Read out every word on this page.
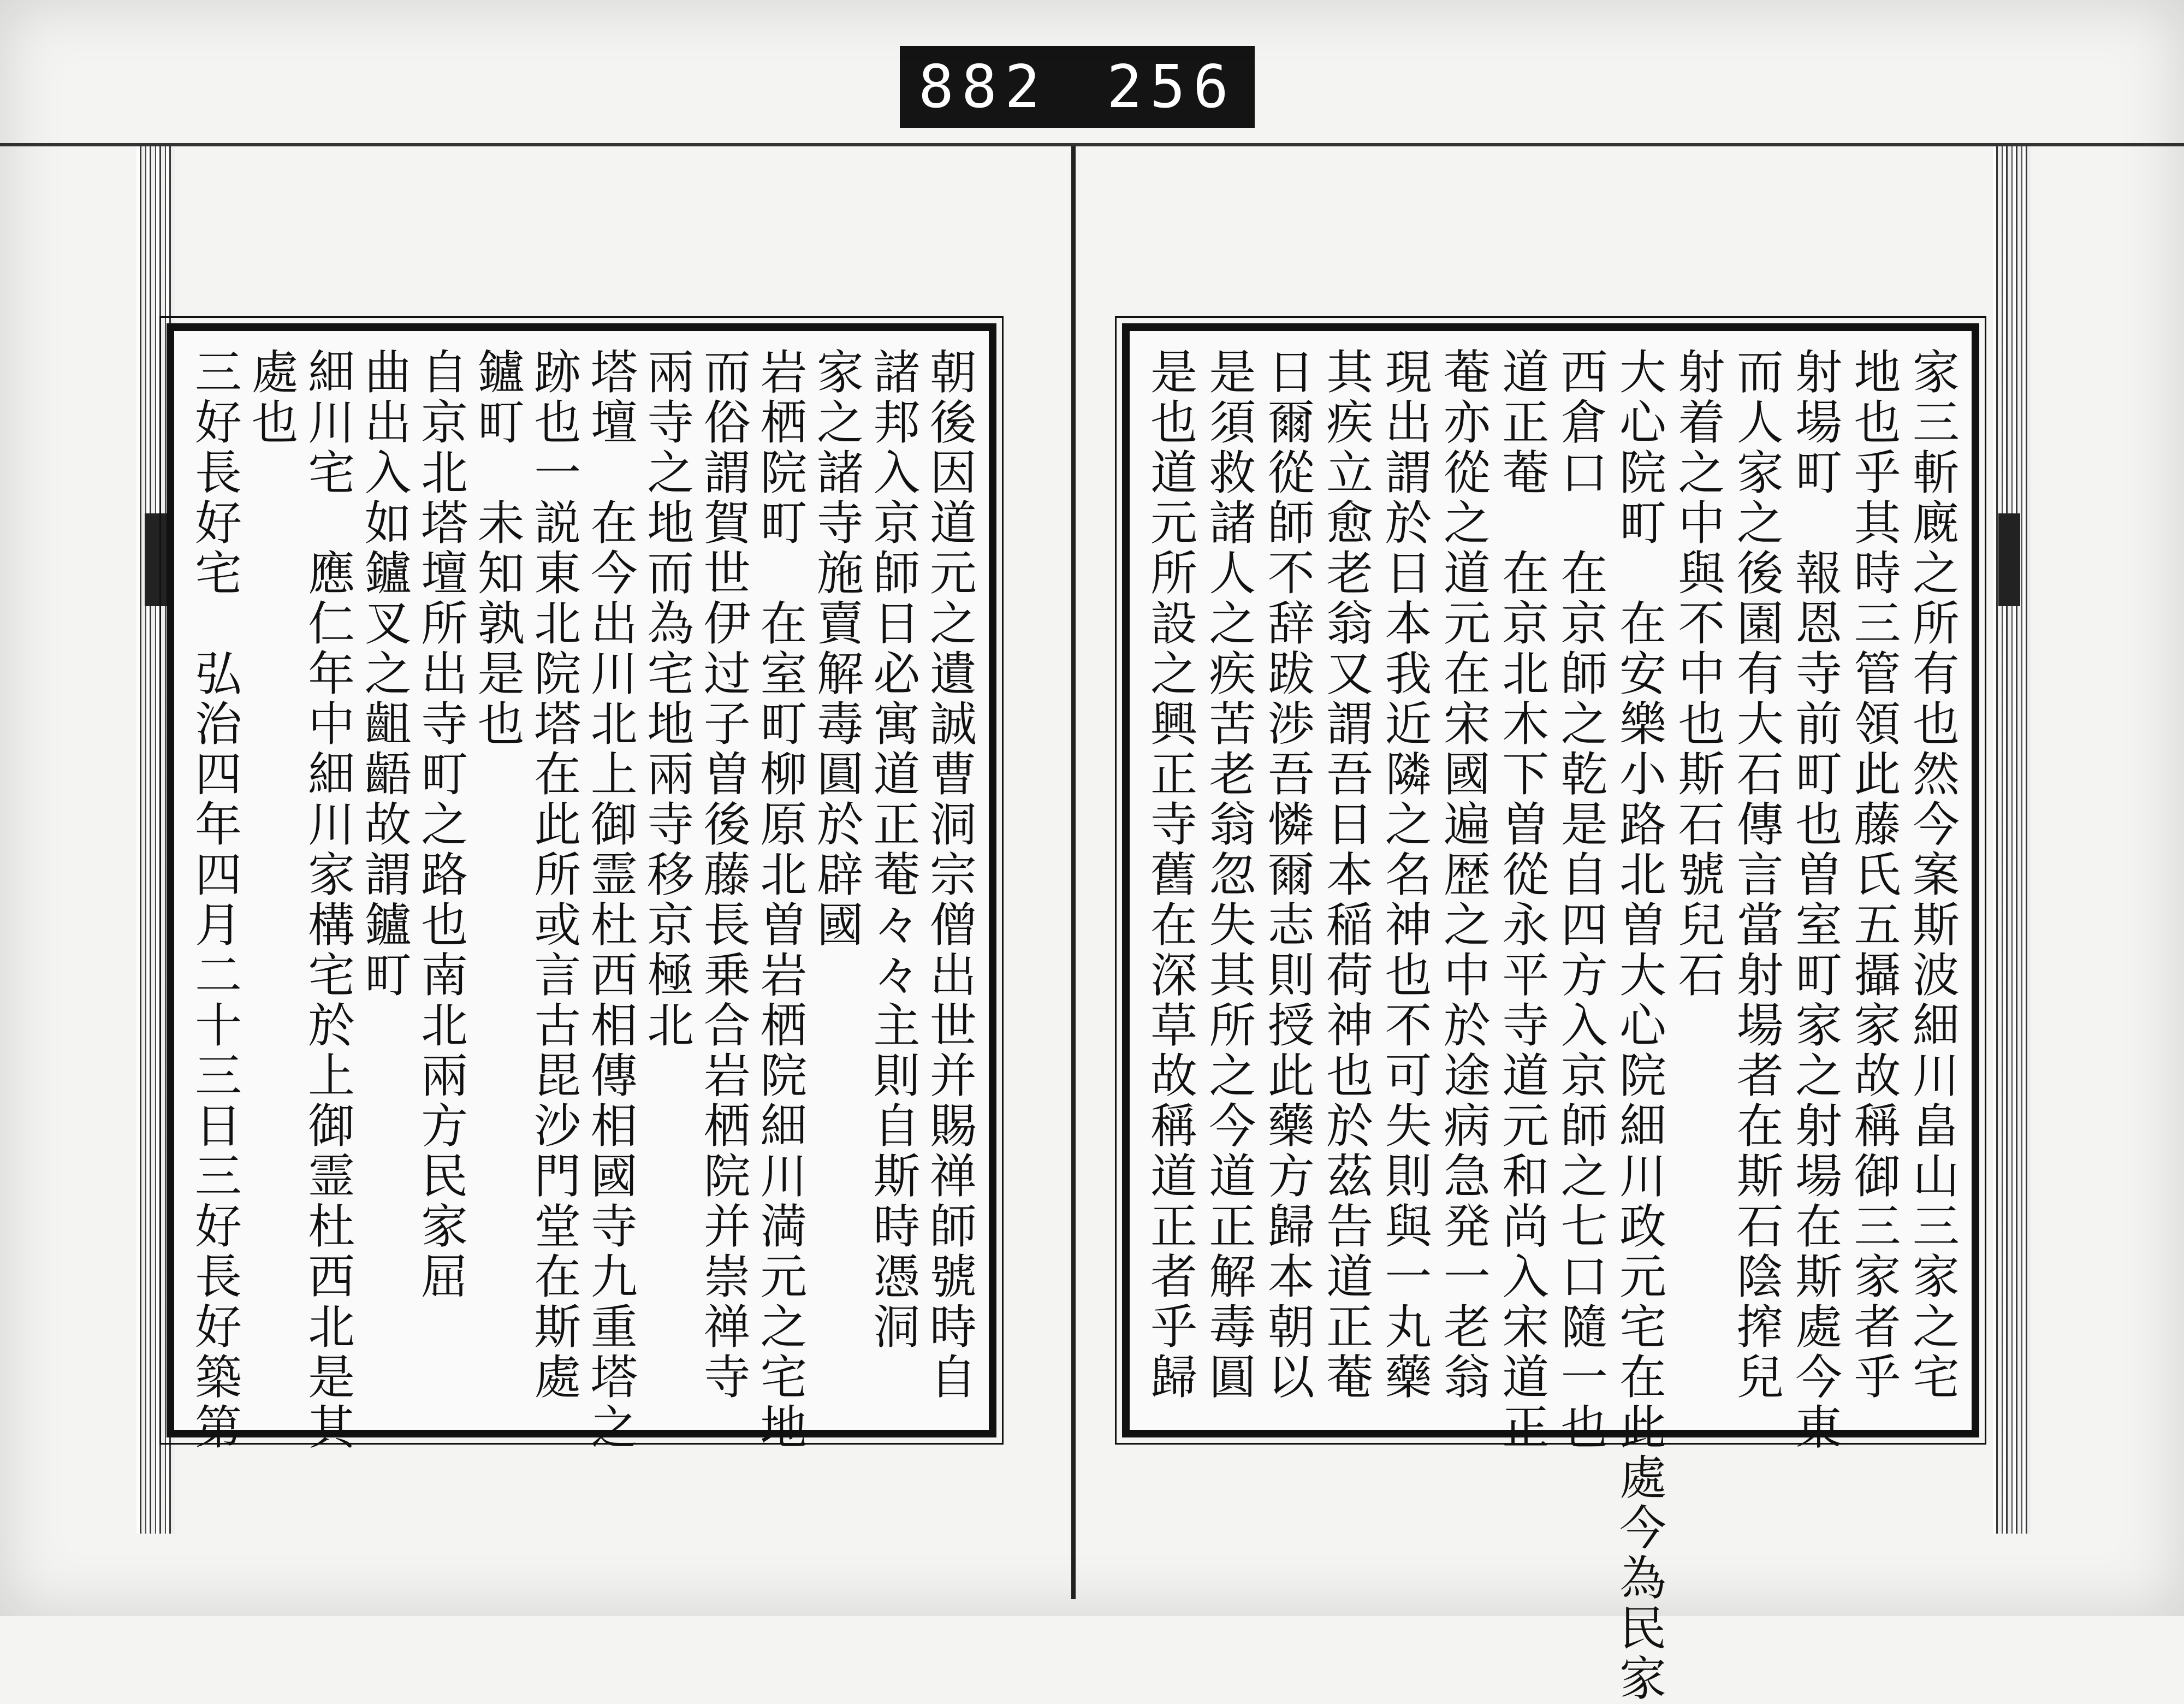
882 256
朝後因道元之遺誠曹洞宗僧出世并賜禅師號時自
諸邦入京師日必寓道正菴々々主則自斯時憑洞
家之諸寺施賣解毒圓於辟國
岩栖院町　在室町柳原北曽岩栖院細川満元之宅地
而俗謂賀世伊过子曽後藤長乗合岩栖院并崇禅寺
兩寺之地而為宅地兩寺移京極北
塔壇　在今出川北上御霊杜西相傳相國寺九重塔之
跡也一説東北院塔在此所或言古毘沙門堂在斯處
鑪町　未知孰是也
自京北塔壇所出寺町之路也南北兩方民家屈
曲出入如鑪叉之齟齬故謂鑪町
細川宅　應仁年中細川家構宅於上御霊杜西北是其
處也
三好長好宅　弘治四年四月二十三日三好長好築第	家三斬廐之所有也然今案斯波細川畠山三家之宅
地也乎其時三管領此藤氏五攝家故稱御三家者乎
射場町　報恩寺前町也曽室町家之射場在斯處今東
而人家之後園有大石傳言當射場者在斯石陰搾兒
射着之中與不中也斯石號兒石
大心院町　在安樂小路北曽大心院細川政元宅在此處今為民家
西倉口　在京師之乾是自四方入京師之七口隨一也
道正菴　在京北木下曽從永平寺道元和尚入宋道正
菴亦從之道元在宋國遍歴之中於途病急発一老翁
現出謂於日本我近隣之名神也不可失則與一丸藥
其疾立愈老翁又謂吾日本稲荷神也於茲告道正菴
日爾從師不辞跋渉吾憐爾志則授此藥方歸本朝以
是須救諸人之疾苦老翁忽失其所之今道正解毒圓
是也道元所設之興正寺舊在深草故稱道正者乎歸
